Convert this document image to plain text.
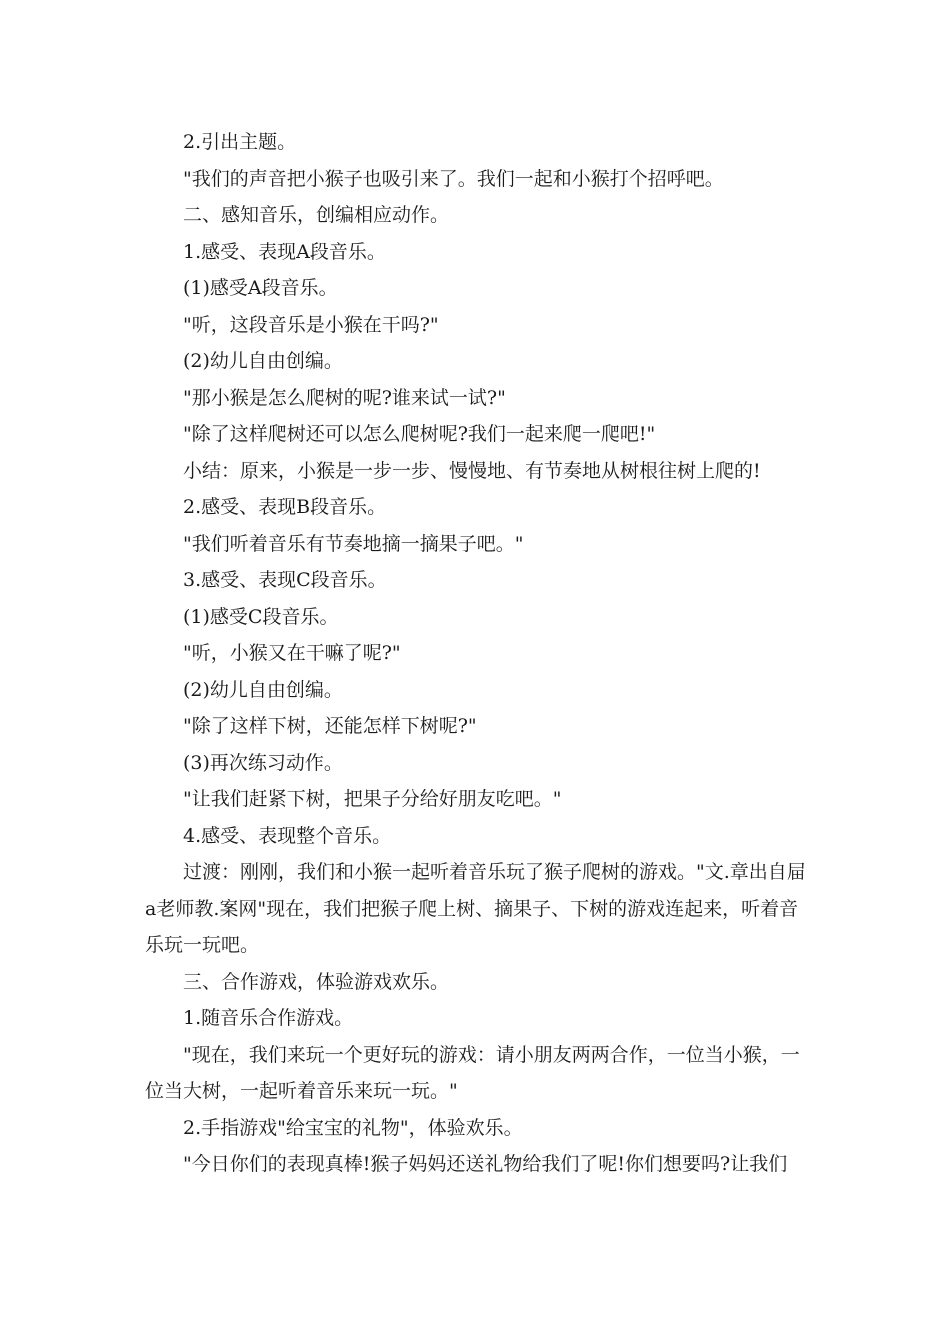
2.引出主题。

"我们的声音把小猴子也吸引来了。我们一起和小猴打个招呼吧。

二、感知音乐，创编相应动作。

1.感受、表现A段音乐。

(1)感受A段音乐。

"听，这段音乐是小猴在干吗?"

(2)幼儿自由创编。

"那小猴是怎么爬树的呢?谁来试一试?"

"除了这样爬树还可以怎么爬树呢?我们一起来爬一爬吧!"

小结：原来，小猴是一步一步、慢慢地、有节奏地从树根往树上爬的!

2.感受、表现B段音乐。

"我们听着音乐有节奏地摘一摘果子吧。"

3.感受、表现C段音乐。

(1)感受C段音乐。

"听，小猴又在干嘛了呢?"

(2)幼儿自由创编。

"除了这样下树，还能怎样下树呢?"

(3)再次练习动作。

"让我们赶紧下树，把果子分给好朋友吃吧。"

4.感受、表现整个音乐。

过渡：刚刚，我们和小猴一起听着音乐玩了猴子爬树的游戏。"文.章出自屇a老师教.案网"现在，我们把猴子爬上树、摘果子、下树的游戏连起来，听着音乐玩一玩吧。

三、合作游戏，体验游戏欢乐。

1.随音乐合作游戏。

"现在，我们来玩一个更好玩的游戏：请小朋友两两合作，一位当小猴，一位当大树，一起听着音乐来玩一玩。"

2.手指游戏"给宝宝的礼物"，体验欢乐。

"今日你们的表现真棒!猴子妈妈还送礼物给我们了呢!你们想要吗?让我们
